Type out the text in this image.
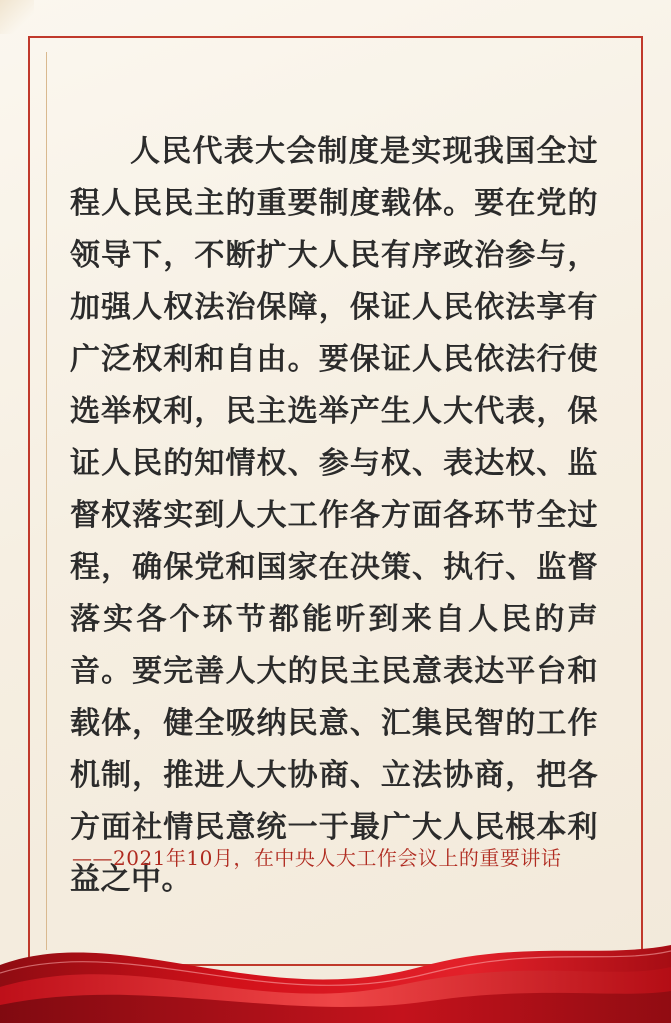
人民代表大会制度是实现我国全过程人民民主的重要制度载体。要在党的领导下，不断扩大人民有序政治参与，加强人权法治保障，保证人民依法享有广泛权利和自由。要保证人民依法行使选举权利，民主选举产生人大代表，保证人民的知情权、参与权、表达权、监督权落实到人大工作各方面各环节全过程，确保党和国家在决策、执行、监督落实各个环节都能听到来自人民的声音。要完善人大的民主民意表达平台和载体，健全吸纳民意、汇集民智的工作机制，推进人大协商、立法协商，把各方面社情民意统一于最广大人民根本利益之中。

——2021年10月，在中央人大工作会议上的重要讲话
